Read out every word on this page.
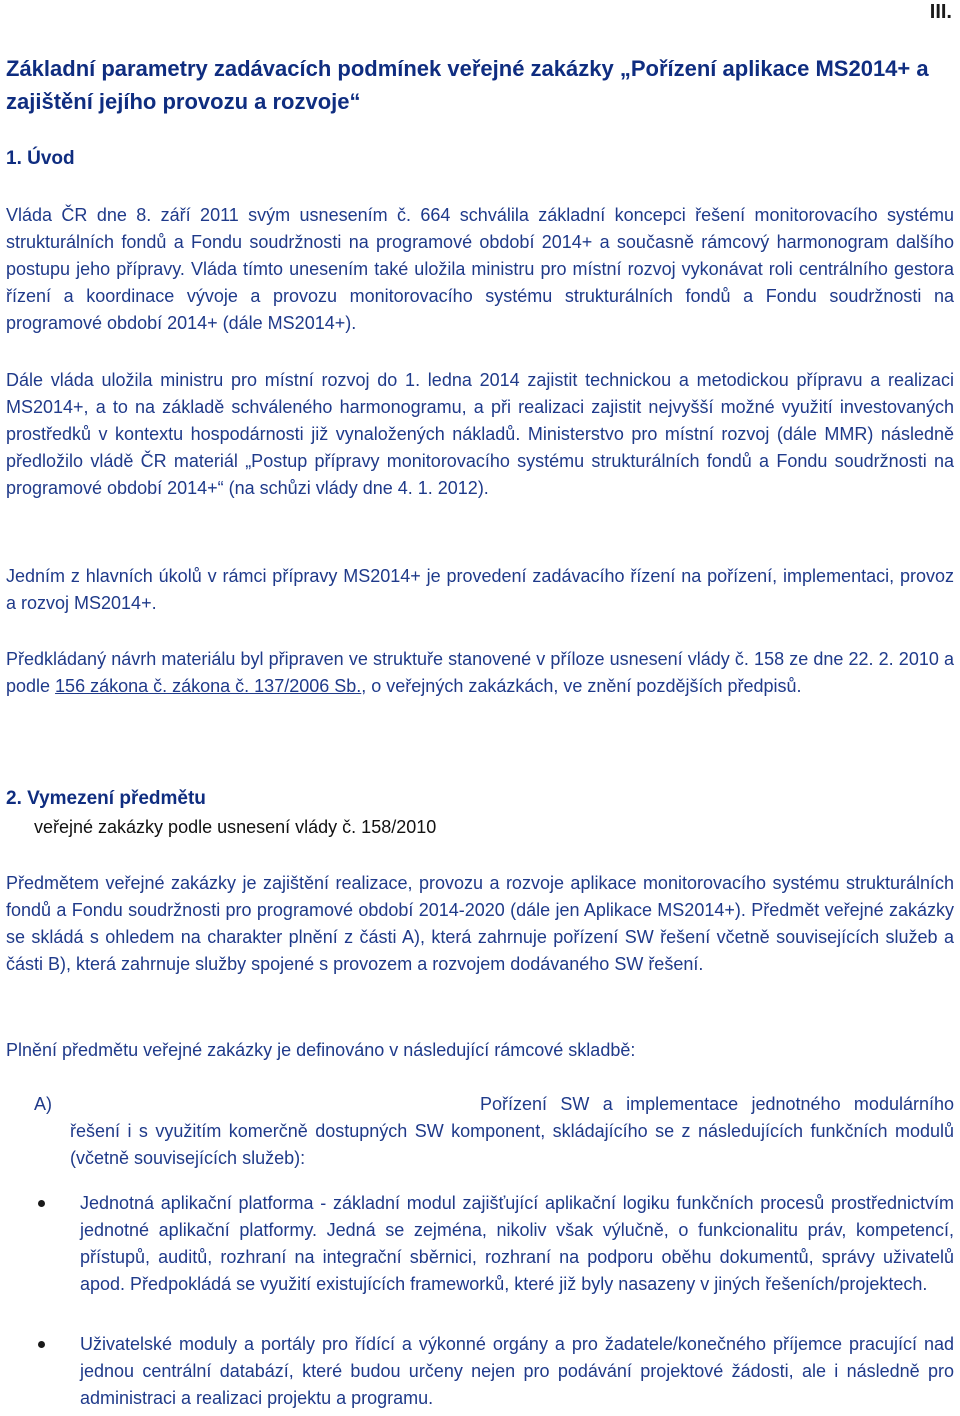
III.
Základní parametry zadávacích podmínek veřejné zakázky „Pořízení aplikace MS2014+ a zajištění jejího provozu a rozvoje“
1. Úvod
Vláda ČR dne 8. září 2011 svým usnesením č. 664 schválila základní koncepci řešení monitorovacího systému strukturálních fondů a Fondu soudržnosti na programové období 2014+ a současně rámcový harmonogram dalšího postupu jeho přípravy. Vláda tímto unesením také uložila ministru pro místní rozvoj vykonávat roli centrálního gestora řízení a koordinace vývoje a provozu monitorovacího systému strukturálních fondů a Fondu soudržnosti na programové období 2014+ (dále MS2014+).
Dále vláda uložila ministru pro místní rozvoj do 1. ledna 2014 zajistit technickou a metodickou přípravu a realizaci MS2014+, a to na základě schváleného harmonogramu, a při realizaci zajistit nejvyšší možné využití investovaných prostředků v kontextu hospodárnosti již vynaložených nákladů. Ministerstvo pro místní rozvoj (dále MMR) následně předložilo vládě ČR materiál „Postup přípravy monitorovacího systému strukturálních fondů a Fondu soudržnosti na programové období 2014+“ (na schůzi vlády dne 4. 1. 2012).
Jedním z hlavních úkolů v rámci přípravy MS2014+ je provedení zadávacího řízení na pořízení, implementaci, provoz a rozvoj MS2014+.
Předkládaný návrh materiálu byl připraven ve struktuře stanovené v příloze usnesení vlády č. 158 ze dne 22. 2. 2010 a podle 156 zákona č. zákona č. 137/2006 Sb., o veřejných zakázkách, ve znění pozdějších předpisů.
2. Vymezení předmětu
veřejné zakázky podle usnesení vlády č. 158/2010
Předmětem veřejné zakázky je zajištění realizace, provozu a rozvoje aplikace monitorovacího systému strukturálních fondů a Fondu soudržnosti pro programové období 2014-2020 (dále jen Aplikace MS2014+). Předmět veřejné zakázky se skládá s ohledem na charakter plnění z části A), která zahrnuje pořízení SW řešení včetně souvisejících služeb a části B), která zahrnuje služby spojené s provozem a rozvojem dodávaného SW řešení.
Plnění předmětu veřejné zakázky je definováno v následující rámcové skladbě:
A)	Pořízení SW a implementace jednotného modulárního řešení i s využitím komerčně dostupných SW komponent, skládajícího se z následujících funkčních modulů (včetně souvisejících služeb):
Jednotná aplikační platforma - základní modul zajišťující aplikační logiku funkčních procesů prostřednictvím jednotné aplikační platformy. Jedná se zejména, nikoliv však výlučně, o funkcionalitu práv, kompetencí, přístupů, auditů, rozhraní na integrační sběrnici, rozhraní na podporu oběhu dokumentů, správy uživatelů apod. Předpokládá se využití existujících frameworků, které již byly nasazeny v jiných řešeních/projektech.
Uživatelské moduly a portály pro řídící a výkonné orgány a pro žadatele/konečného příjemce pracující nad jednou centrální databází, které budou určeny nejen pro podávání projektové žádosti, ale i následně pro administraci a realizaci projektu a programu.
